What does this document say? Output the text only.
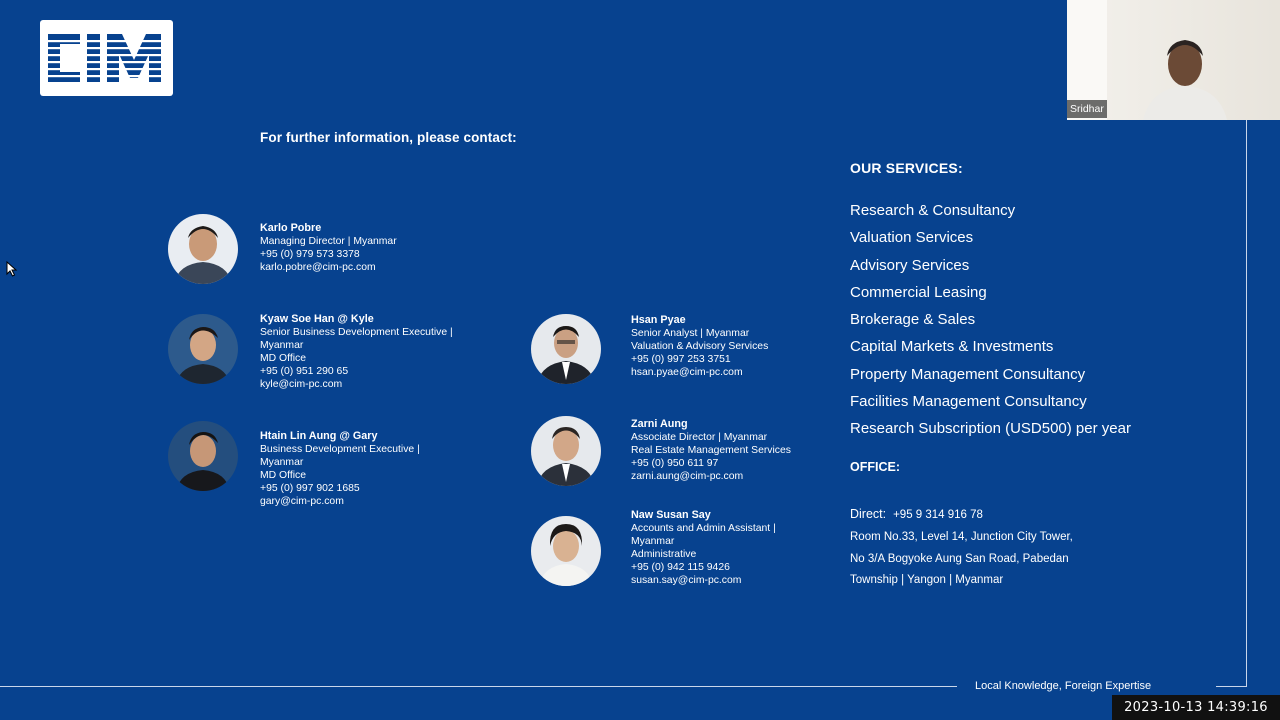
For further information, please contact:
Karlo Pobre
Managing Director | Myanmar
+95 (0) 979 573 3378
karlo.pobre@cim-pc.com
Kyaw Soe Han @ Kyle
Senior Business Development Executive |
Myanmar
MD Office
+95 (0) 951 290 65
kyle@cim-pc.com
Htain Lin Aung @ Gary
Business Development Executive |
Myanmar
MD Office
+95 (0) 997 902 1685
gary@cim-pc.com
Hsan Pyae
Senior Analyst | Myanmar
Valuation & Advisory Services
+95 (0) 997 253 3751
hsan.pyae@cim-pc.com
Zarni Aung
Associate Director | Myanmar
Real Estate Management Services
+95 (0) 950 611 97
zarni.aung@cim-pc.com
Naw Susan Say
Accounts and Admin Assistant |
Myanmar
Administrative
+95 (0) 942 115 9426
susan.say@cim-pc.com
OUR SERVICES:
Research & Consultancy
Valuation Services
Advisory Services
Commercial Leasing
Brokerage & Sales
Capital Markets & Investments
Property Management Consultancy
Facilities Management Consultancy
Research Subscription (USD500) per year
OFFICE:
Direct: +95 9 314 916 78
Room No.33, Level 14, Junction City Tower,
No 3/A Bogyoke Aung San Road, Pabedan
Township | Yangon | Myanmar
Local Knowledge, Foreign Expertise
Sridhar
2023-10-13 14:39:16
